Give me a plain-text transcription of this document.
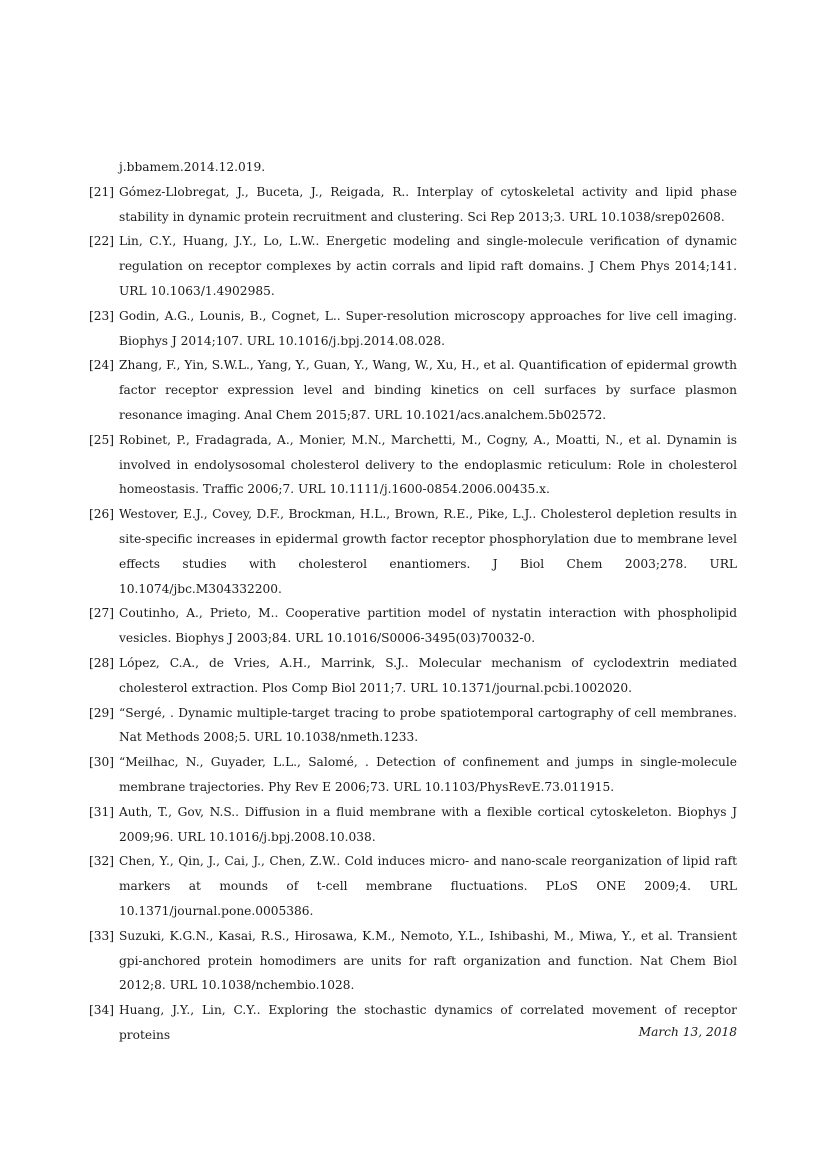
j.bbamem.2014.12.019.
[21] Gómez-Llobregat, J., Buceta, J., Reigada, R.. Interplay of cytoskeletal activity and lipid phase stability in dynamic protein recruitment and clustering. Sci Rep 2013;3. URL 10.1038/srep02608.
[22] Lin, C.Y., Huang, J.Y., Lo, L.W.. Energetic modeling and single-molecule verification of dynamic regulation on receptor complexes by actin corrals and lipid raft domains. J Chem Phys 2014;141. URL 10.1063/1.4902985.
[23] Godin, A.G., Lounis, B., Cognet, L.. Super-resolution microscopy approaches for live cell imaging. Biophys J 2014;107. URL 10.1016/j.bpj.2014.08.028.
[24] Zhang, F., Yin, S.W.L., Yang, Y., Guan, Y., Wang, W., Xu, H., et al. Quantification of epidermal growth factor receptor expression level and binding kinetics on cell surfaces by surface plasmon resonance imaging. Anal Chem 2015;87. URL 10.1021/acs.analchem.5b02572.
[25] Robinet, P., Fradagrada, A., Monier, M.N., Marchetti, M., Cogny, A., Moatti, N., et al. Dynamin is involved in endolysosomal cholesterol delivery to the endoplasmic reticulum: Role in cholesterol homeostasis. Traffic 2006;7. URL 10.1111/j.1600-0854.2006.00435.x.
[26] Westover, E.J., Covey, D.F., Brockman, H.L., Brown, R.E., Pike, L.J.. Cholesterol depletion results in site-specific increases in epidermal growth factor receptor phosphorylation due to membrane level effects studies with cholesterol enantiomers. J Biol Chem 2003;278. URL 10.1074/jbc.M304332200.
[27] Coutinho, A., Prieto, M.. Cooperative partition model of nystatin interaction with phospholipid vesicles. Biophys J 2003;84. URL 10.1016/S0006-3495(03)70032-0.
[28] López, C.A., de Vries, A.H., Marrink, S.J.. Molecular mechanism of cyclodextrin mediated cholesterol extraction. Plos Comp Biol 2011;7. URL 10.1371/journal.pcbi.1002020.
[29] “Sergé, . Dynamic multiple-target tracing to probe spatiotemporal cartography of cell membranes. Nat Methods 2008;5. URL 10.1038/nmeth.1233.
[30] “Meilhac, N., Guyader, L.L., Salomé, . Detection of confinement and jumps in single-molecule membrane trajectories. Phy Rev E 2006;73. URL 10.1103/PhysRevE.73.011915.
[31] Auth, T., Gov, N.S.. Diffusion in a fluid membrane with a flexible cortical cytoskeleton. Biophys J 2009;96. URL 10.1016/j.bpj.2008.10.038.
[32] Chen, Y., Qin, J., Cai, J., Chen, Z.W.. Cold induces micro- and nano-scale reorganization of lipid raft markers at mounds of t-cell membrane fluctuations. PLoS ONE 2009;4. URL 10.1371/journal.pone.0005386.
[33] Suzuki, K.G.N., Kasai, R.S., Hirosawa, K.M., Nemoto, Y.L., Ishibashi, M., Miwa, Y., et al. Transient gpi-anchored protein homodimers are units for raft organization and function. Nat Chem Biol 2012;8. URL 10.1038/nchembio.1028.
[34] Huang, J.Y., Lin, C.Y.. Exploring the stochastic dynamics of correlated movement of receptor proteins	March 13, 2018
